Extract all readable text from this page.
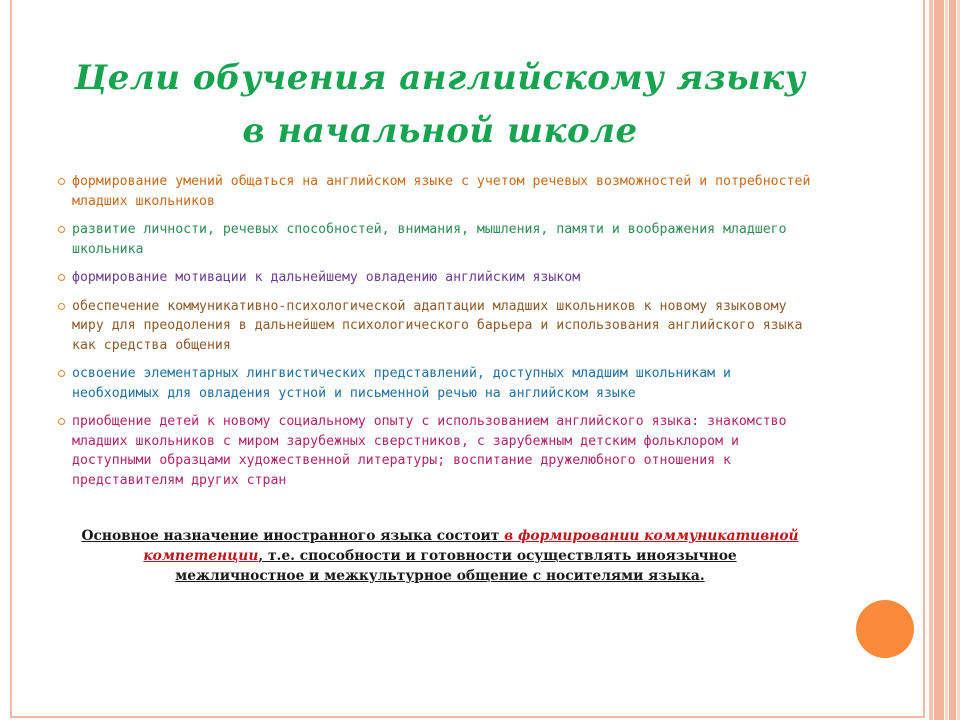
Цели обучения английскому языку в начальной школе
формирование умений общаться на английском языке с учетом речевых возможностей и потребностей младших школьников
развитие личности, речевых способностей, внимания, мышления, памяти и воображения младшего школьника
формирование мотивации к дальнейшему овладению английским языком
обеспечение коммуникативно-психологической адаптации младших школьников к новому языковому миру для преодоления в дальнейшем психологического барьера и использования английского языка как средства общения
освоение элементарных лингвистических представлений, доступных младшим школьникам и необходимых для овладения устной и письменной речью на английском языке
приобщение детей к новому социальному опыту с использованием английского языка: знакомство младших школьников с миром зарубежных сверстников, с зарубежным детским фольклором и доступными образцами художественной литературы; воспитание дружелюбного отношения к представителям других стран

Основное назначение иностранного языка состоит в формировании коммуникативной компетенции, т.е. способности и готовности осуществлять иноязычное межличностное и межкультурное общение с носителями языка.
